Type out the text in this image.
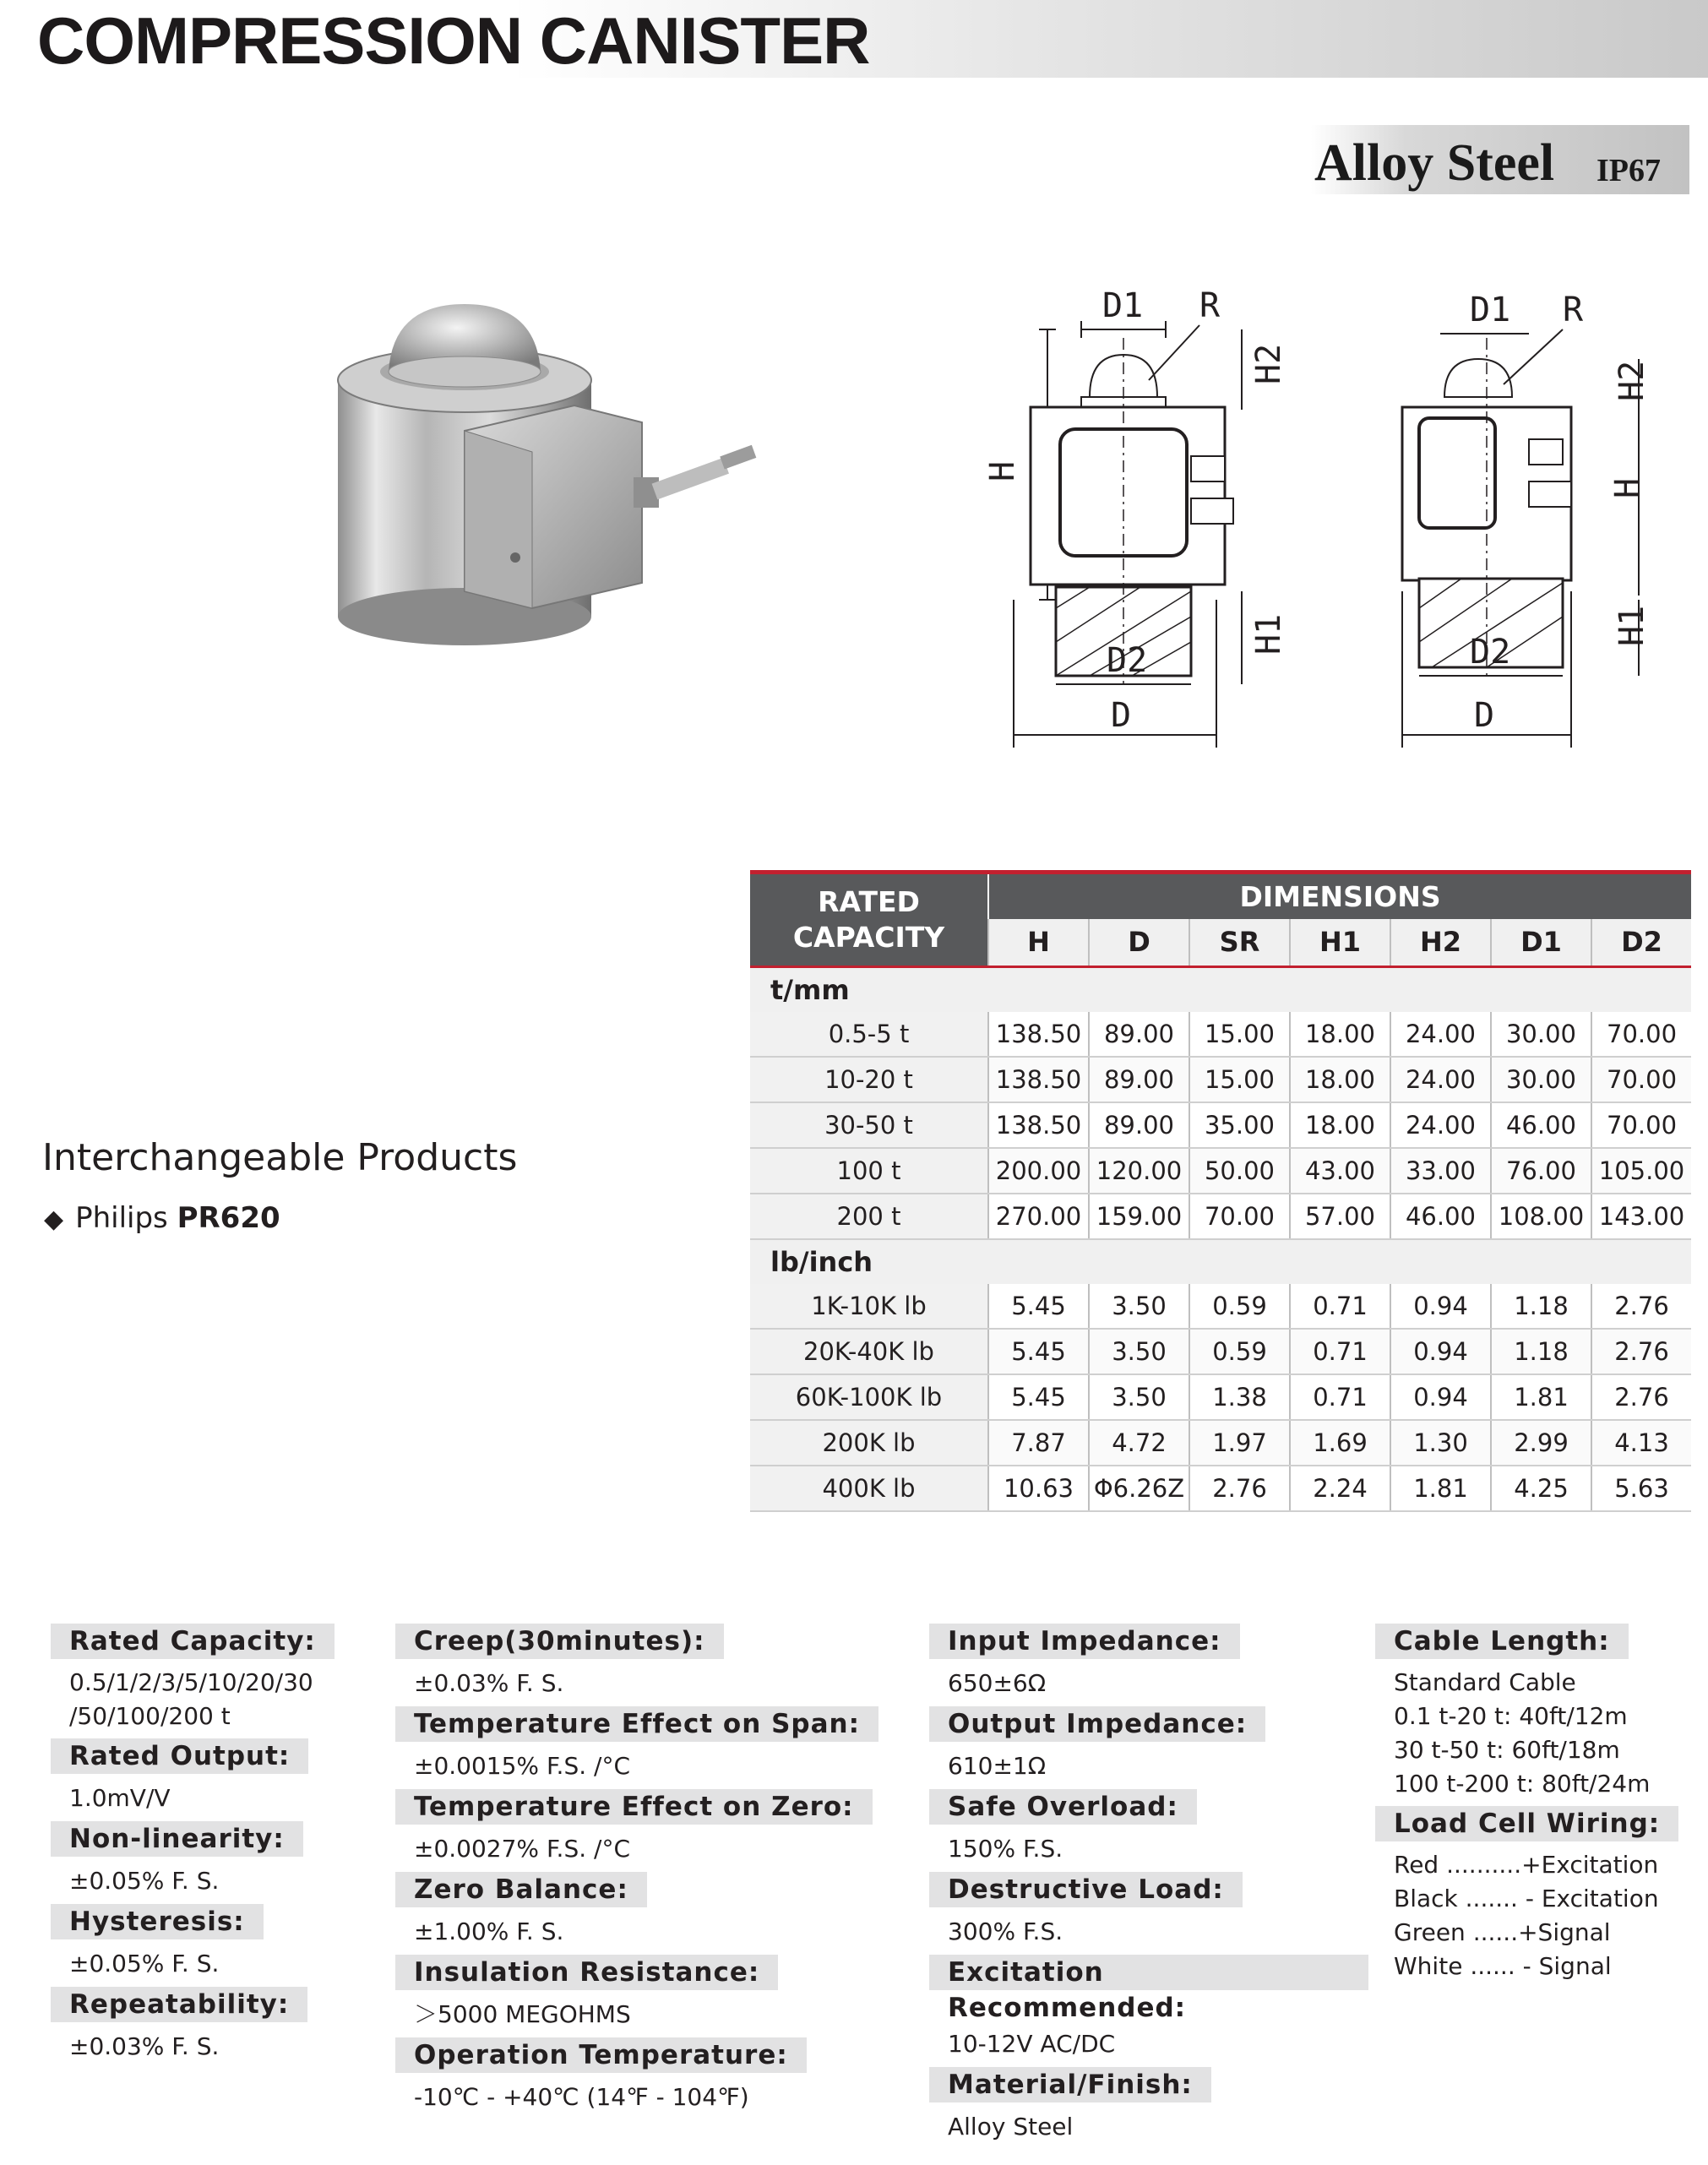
COMPRESSION CANISTER
Alloy Steel IP67
D1 R
H2
H
H1
D2
D
D1 R
H2
H
H1
D2
D
Interchangeable Products
◆ Philips PR620
RATED CAPACITY	DIMENSIONS						
	H	D	SR	H1	H2	D1	D2
t/mm							
0.5-5 t	138.50	89.00	15.00	18.00	24.00	30.00	70.00
10-20 t	138.50	89.00	15.00	18.00	24.00	30.00	70.00
30-50 t	138.50	89.00	35.00	18.00	24.00	46.00	70.00
100 t	200.00	120.00	50.00	43.00	33.00	76.00	105.00
200 t	270.00	159.00	70.00	57.00	46.00	108.00	143.00
lb/inch							
1K-10K lb	5.45	3.50	0.59	0.71	0.94	1.18	2.76
20K-40K lb	5.45	3.50	0.59	0.71	0.94	1.18	2.76
60K-100K lb	5.45	3.50	1.38	0.71	0.94	1.81	2.76
200K lb	7.87	4.72	1.97	1.69	1.30	2.99	4.13
400K lb	10.63	Φ6.26Z	2.76	2.24	1.81	4.25	5.63
Rated Capacity:
0.5/1/2/3/5/10/20/30
/50/100/200 t
Rated Output:
1.0mV/V
Non-linearity:
±0.05% F. S.
Hysteresis:
±0.05% F. S.
Repeatability:
±0.03% F. S.
Creep(30minutes):
±0.03% F. S.
Temperature Effect on Span:
±0.0015% F.S. /°C
Temperature Effect on Zero:
±0.0027% F.S. /°C
Zero Balance:
±1.00% F. S.
Insulation Resistance:
＞5000 MEGOHMS
Operation Temperature:
-10℃ - +40℃ (14℉ - 104℉)
Input Impedance:
650±6Ω
Output Impedance:
610±1Ω
Safe Overload:
150% F.S.
Destructive Load:
300% F.S.
Excitation Recommended:
10-12V AC/DC
Material/Finish:
Alloy Steel
Cable Length:
Standard Cable
0.1 t-20 t: 40ft/12m
30 t-50 t: 60ft/18m
100 t-200 t: 80ft/24m
Load Cell Wiring:
Red ..........+Excitation
Black ....... - Excitation
Green ......+Signal
White ...... - Signal
